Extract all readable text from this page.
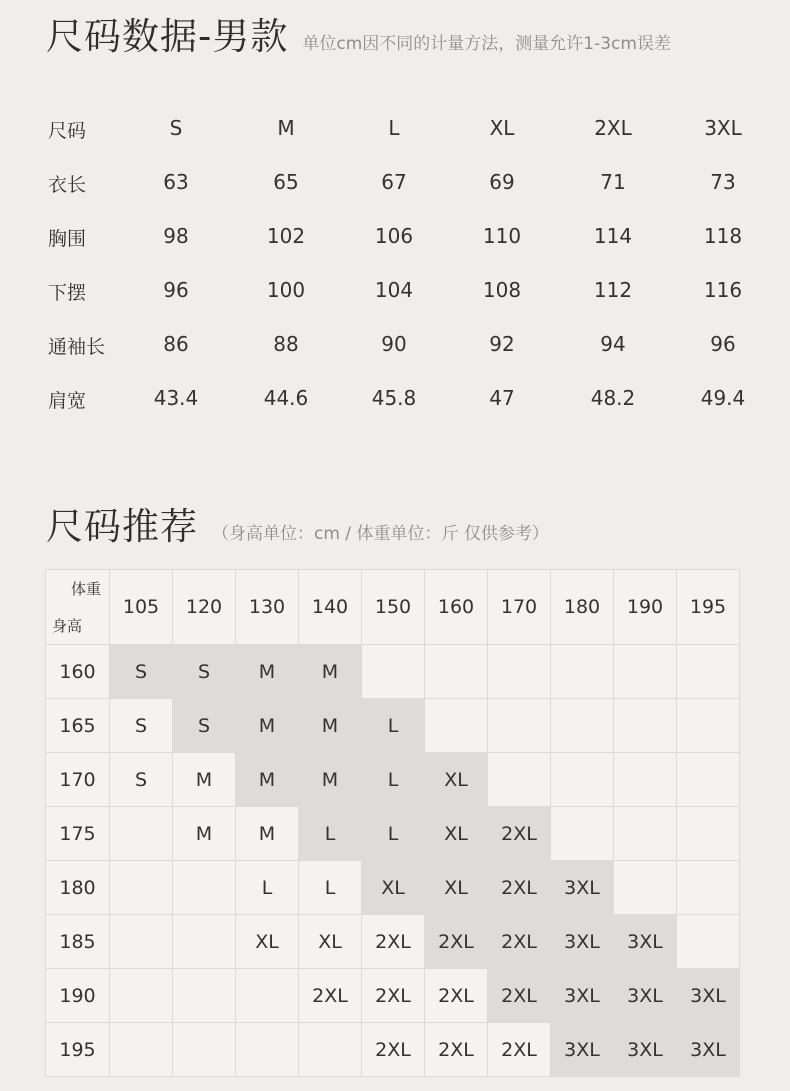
尺码数据-男款 单位cm因不同的计量方法，测量允许1-3cm误差
尺码	S	M	L	XL	2XL	3XL
衣长	63	65	67	69	71	73
胸围	98	102	106	110	114	118
下摆	96	100	104	108	112	116
通袖长	86	88	90	92	94	96
肩宽	43.4	44.6	45.8	47	48.2	49.4
尺码推荐 （身高单位：cm / 体重单位：斤 仅供参考）
体重
身高	105	120	130	140	150	160	170	180	190	195
160	S	S	M	M						
165	S	S	M	M	L					
170	S	M	M	M	L	XL				
175		M	M	L	L	XL	2XL			
180			L	L	XL	XL	2XL	3XL		
185			XL	XL	2XL	2XL	2XL	3XL	3XL	
190				2XL	2XL	2XL	2XL	3XL	3XL	3XL
195					2XL	2XL	2XL	3XL	3XL	3XL
